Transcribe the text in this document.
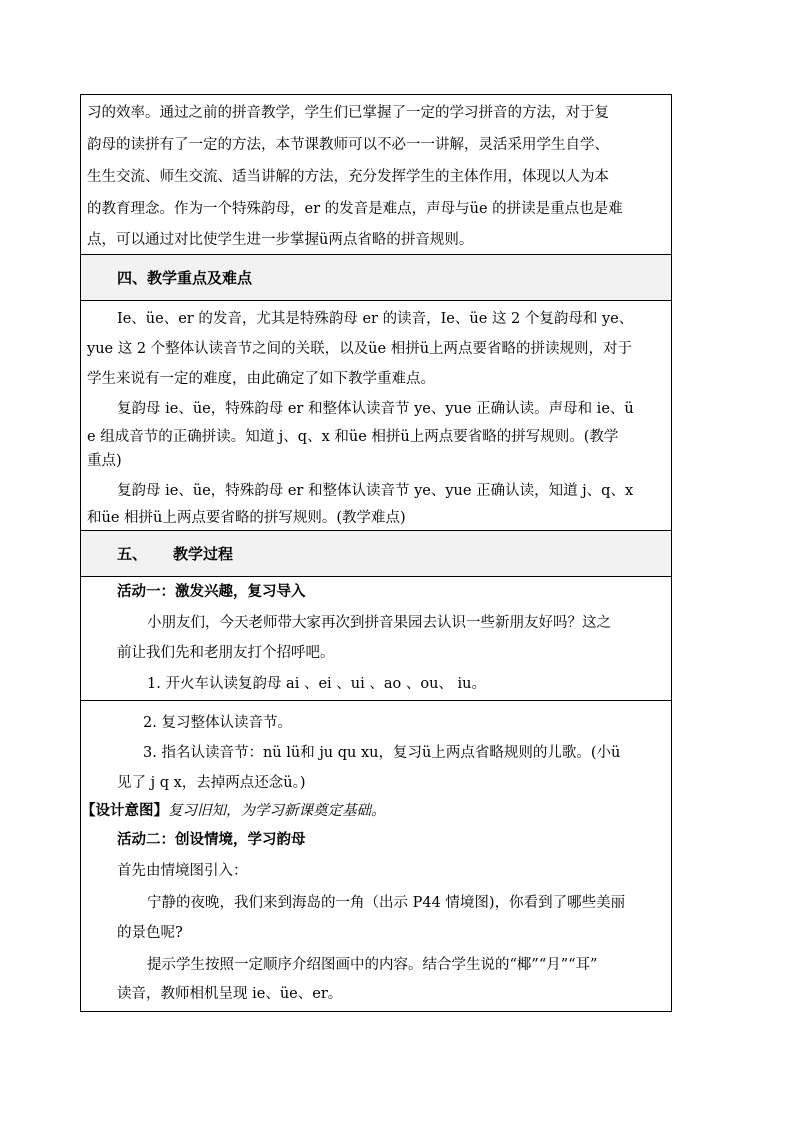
习的效率。通过之前的拼音教学，学生们已掌握了一定的学习拼音的方法，对于复
韵母的读拼有了一定的方法，本节课教师可以不必一一讲解，灵活采用学生自学、
生生交流、师生交流、适当讲解的方法，充分发挥学生的主体作用，体现以人为本
的教育理念。作为一个特殊韵母，er 的发音是难点，声母与üe 的拼读是重点也是难
点，可以通过对比使学生进一步掌握ü两点省略的拼音规则。
四、教学重点及难点
Ie、üe、er 的发音，尤其是特殊韵母 er 的读音，Ie、üe 这 2 个复韵母和 ye、
yue 这 2 个整体认读音节之间的关联，以及üe 相拼ü上两点要省略的拼读规则，对于
学生来说有一定的难度，由此确定了如下教学重难点。
复韵母 ie、üe，特殊韵母 er 和整体认读音节 ye、yue 正确认读。声母和 ie、ü
e 组成音节的正确拼读。知道 j、q、x 和üe 相拼ü上两点要省略的拼写规则。(教学
重点)
复韵母 ie、üe，特殊韵母 er 和整体认读音节 ye、yue 正确认读，知道 j、q、x
和üe 相拼ü上两点要省略的拼写规则。(教学难点)
五、 教学过程
活动一：激发兴趣，复习导入
小朋友们，今天老师带大家再次到拼音果园去认识一些新朋友好吗？这之
前让我们先和老朋友打个招呼吧。
1. 开火车认读复韵母 ai 、ei 、ui 、ao 、ou、 iu。
2. 复习整体认读音节。
3. 指名认读音节：nü lü和 ju qu xu，复习ü上两点省略规则的儿歌。(小ü
见了 j q x，去掉两点还念ü。)
【设计意图】复习旧知，为学习新课奠定基础。
活动二：创设情境，学习韵母
首先由情境图引入：
宁静的夜晚，我们来到海岛的一角（出示 P44 情境图)，你看到了哪些美丽
的景色呢?
提示学生按照一定顺序介绍图画中的内容。结合学生说的“椰”“月”“耳”
读音，教师相机呈现 ie、üe、er。
